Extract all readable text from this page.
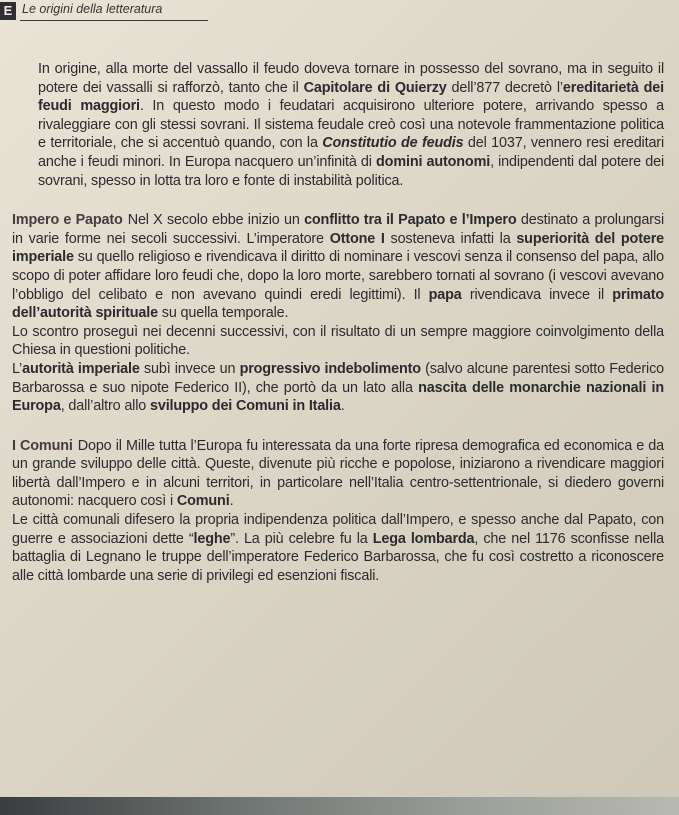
E Le origini della letteratura

In origine, alla morte del vassallo il feudo doveva tornare in possesso del sovrano, ma in seguito il potere dei vassalli si rafforzò, tanto che il Capitolare di Quierzy dell’877 decretò l’ereditarietà dei feudi maggiori. In questo modo i feudatari acquisirono ulteriore potere, arrivando spesso a rivaleggiare con gli stessi sovrani. Il sistema feudale creò così una notevole frammentazione politica e territoriale, che si accentuò quando, con la Constitutio de feudis del 1037, vennero resi ereditari anche i feudi minori. In Europa nacquero un’infinità di domini autonomi, indipendenti dal potere dei sovrani, spesso in lotta tra loro e fonte di instabilità politica.

Impero e Papato Nel X secolo ebbe inizio un conflitto tra il Papato e l’Impero destinato a prolungarsi in varie forme nei secoli successivi. L’imperatore Ottone I sosteneva infatti la superiorità del potere imperiale su quello religioso e rivendicava il diritto di nominare i vescovi senza il consenso del papa, allo scopo di poter affidare loro feudi che, dopo la loro morte, sarebbero tornati al sovrano (i vescovi avevano l’obbligo del celibato e non avevano quindi eredi legittimi). Il papa rivendicava invece il primato dell’autorità spirituale su quella temporale.

Lo scontro proseguì nei decenni successivi, con il risultato di un sempre maggiore coinvolgimento della Chiesa in questioni politiche.

L’autorità imperiale subì invece un progressivo indebolimento (salvo alcune parentesi sotto Federico Barbarossa e suo nipote Federico II), che portò da un lato alla nascita delle monarchie nazionali in Europa, dall’altro allo sviluppo dei Comuni in Italia.

I Comuni Dopo il Mille tutta l’Europa fu interessata da una forte ripresa demografica ed economica e da un grande sviluppo delle città. Queste, divenute più ricche e popolose, iniziarono a rivendicare maggiori libertà dall’Impero e in alcuni territori, in particolare nell’Italia centro-settentrionale, si diedero governi autonomi: nacquero così i Comuni.

Le città comunali difesero la propria indipendenza politica dall’Impero, e spesso anche dal Papato, con guerre e associazioni dette “leghe”. La più celebre fu la Lega lombarda, che nel 1176 sconfisse nella battaglia di Legnano le truppe dell’imperatore Federico Barbarossa, che fu così costretto a riconoscere alle città lombarde una serie di privilegi ed esenzioni fiscali.
